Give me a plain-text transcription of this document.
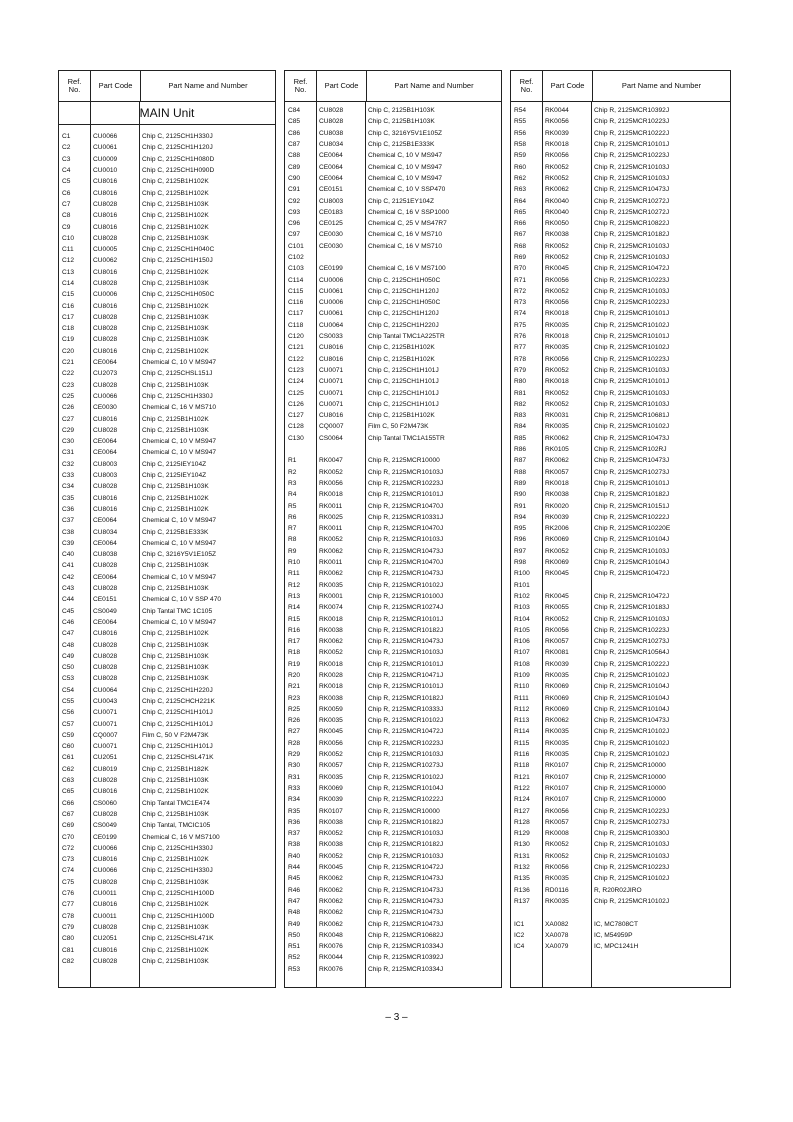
Ref.
No.	Part Code	Part Name and Number
MAIN Unit
C1	CU0066	Chip C, 2125CH1H330J
C2	CU0061	Chip C, 2125CH1H120J
C3	CU0009	Chip C, 2125CH1H080D
C4	CU0010	Chip C, 2125CH1H090D
C5	CU8016	Chip C, 2125B1H102K
C6	CU8016	Chip C, 2125B1H102K
C7	CU8028	Chip C, 2125B1H103K
C8	CU8016	Chip C, 2125B1H102K
C9	CU8016	Chip C, 2125B1H102K
C10	CU8028	Chip C, 2125B1H103K
C11	CU0005	Chip C, 2125CH1H040C
C12	CU0062	Chip C, 2125CH1H150J
C13	CU8016	Chip C, 2125B1H102K
C14	CU8028	Chip C, 2125B1H103K
C15	CU0006	Chip C, 2125CH1H050C
C16	CU8016	Chip C, 2125B1H102K
C17	CU8028	Chip C, 2125B1H103K
C18	CU8028	Chip C, 2125B1H103K
C19	CU8028	Chip C, 2125B1H103K
C20	CU8016	Chip C, 2125B1H102K
C21	CE0064	Chemical C, 10 V MS947
C22	CU2073	Chip C, 2125CHSL151J
C23	CU8028	Chip C, 2125B1H103K
C25	CU0066	Chip C, 2125CH1H330J
C26	CE0030	Chemical C, 16 V MS710
C27	CU8016	Chip C, 2125B1H102K
C29	CU8028	Chip C, 2125B1H103K
C30	CE0064	Chemical C, 10 V MS947
C31	CE0064	Chemical C, 10 V MS947
C32	CU8003	Chip C, 2125IEY104Z
C33	CU8003	Chip C, 2125IEY104Z
C34	CU8028	Chip C, 2125B1H103K
C35	CU8016	Chip C, 2125B1H102K
C36	CU8016	Chip C, 2125B1H102K
C37	CE0064	Chemical C, 10 V MS947
C38	CU8034	Chip C, 2125B1E333K
C39	CE0064	Chemical C, 10 V MS947
C40	CU8038	Chip C, 3216Y5V1E105Z
C41	CU8028	Chip C, 2125B1H103K
C42	CE0064	Chemical C, 10 V MS947
C43	CU8028	Chip C, 2125B1H103K
C44	CE0151	Chemical C, 10 V SSP 470
C45	CS0049	Chip Tantal TMC 1C105
C46	CE0064	Chemical C, 10 V MS947
C47	CU8016	Chip C, 2125B1H102K
C48	CU8028	Chip C, 2125B1H103K
C49	CU8028	Chip C, 2125B1H103K
C50	CU8028	Chip C, 2125B1H103K
C53	CU8028	Chip C, 2125B1H103K
C54	CU0064	Chip C, 2125CH1H220J
C55	CU0043	Chip C, 2125CHCH221K
C56	CU0071	Chip C, 2125CH1H101J
C57	CU0071	Chip C, 2125CH1H101J
C59	CQ0007	Film C, 50 V F2M473K
C60	CU0071	Chip C, 2125CH1H101J
C61	CU2051	Chip C, 2125CHSL471K
C62	CU8019	Chip C, 2125B1H182K
C63	CU8028	Chip C, 2125B1H103K
C65	CU8016	Chip C, 2125B1H102K
C66	CS0060	Chip Tantal TMC1E474
C67	CU8028	Chip C, 2125B1H103K
C69	CS0049	Chip Tantal, TMCIC105
C70	CE0199	Chemical C, 16 V MS7100
C72	CU0066	Chip C, 2125CH1H330J
C73	CU8016	Chip C, 2125B1H102K
C74	CU0066	Chip C, 2125CH1H330J
C75	CU8028	Chip C, 2125B1H103K
C76	CU0011	Chip C, 2125CH1H100D
C77	CU8016	Chip C, 2125B1H102K
C78	CU0011	Chip C, 2125CH1H100D
C79	CU8028	Chip C, 2125B1H103K
C80	CU2051	Chip C, 2125CHSL471K
C81	CU8016	Chip C, 2125B1H102K
C82	CU8028	Chip C, 2125B1H103K
Ref.
No.	Part Code	Part Name and Number
C84	CU8028	Chip C, 2125B1H103K
C85	CU8028	Chip C, 2125B1H103K
C86	CU8038	Chip C, 3216Y5V1E105Z
C87	CU8034	Chip C, 2125B1E333K
C88	CE0064	Chemical C, 10 V MS947
C89	CE0064	Chemical C, 10 V MS947
C90	CE0064	Chemical C, 10 V MS947
C91	CE0151	Chemical C, 10 V SSP470
C92	CU8003	Chip C, 21251EY104Z
C93	CE0183	Chemical C, 16 V SSP1000
C96	CE0125	Chemical C, 25 V MS47R7
C97	CE0030	Chemical C, 16 V MS710
C101	CE0030	Chemical C, 16 V MS710
C102
C103	CE0199	Chemical C, 16 V MS7100
C114	CU0006	Chip C, 2125CH1H050C
C115	CU0061	Chip C, 2125CH1H120J
C116	CU0006	Chip C, 2125CH1H050C
C117	CU0061	Chip C, 2125CH1H120J
C118	CU0064	Chip C, 2125CH1H220J
C120	CS0033	Chip Tantal TMC1A225TR
C121	CU8016	Chip C, 2125B1H102K
C122	CU8016	Chip C, 2125B1H102K
C123	CU0071	Chip C, 2125CH1H101J
C124	CU0071	Chip C, 2125CH1H101J
C125	CU0071	Chip C, 2125CH1H101J
C126	CU0071	Chip C, 2125CH1H101J
C127	CU8016	Chip C, 2125B1H102K
C128	CQ0007	Film C, 50 F2M473K
C130	CS0064	Chip Tantal TMC1A155TR
R1	RK0047	Chip R, 2125MCR10000
R2	RK0052	Chip R, 2125MCR10103J
R3	RK0056	Chip R, 2125MCR10223J
R4	RK0018	Chip R, 2125MCR10101J
R5	RK0011	Chip R, 2125MCR10470J
R6	RK0025	Chip R, 2125MCR10331J
R7	RK0011	Chip R, 2125MCR10470J
R8	RK0052	Chip R, 2125MCR10103J
R9	RK0062	Chip R, 2125MCR10473J
R10	RK0011	Chip R, 2125MCR10470J
R11	RK0062	Chip R, 2125MCR10473J
R12	RK0035	Chip R, 2125MCR10102J
R13	RK0001	Chip R, 2125MCR10100J
R14	RK0074	Chip R, 2125MCR10274J
R15	RK0018	Chip R, 2125MCR10101J
R16	RK0038	Chip R, 2125MCR10182J
R17	RK0062	Chip R, 2125MCR10473J
R18	RK0052	Chip R, 2125MCR10103J
R19	RK0018	Chip R, 2125MCR10101J
R20	RK0028	Chip R, 2125MCR10471J
R21	RK0018	Chip R, 2125MCR10101J
R23	RK0038	Chip R, 2125MCR10182J
R25	RK0059	Chip R, 2125MCR10333J
R26	RK0035	Chip R, 2125MCR10102J
R27	RK0045	Chip R, 2125MCR10472J
R28	RK0056	Chip R, 2125MCR10223J
R29	RK0052	Chip R, 2125MCR10103J
R30	RK0057	Chip R, 2125MCR10273J
R31	RK0035	Chip R, 2125MCR10102J
R33	RK0069	Chip R, 2125MCR10104J
R34	RK0039	Chip R, 2125MCR10222J
R35	RK0107	Chip R, 2125MCR10000
R36	RK0038	Chip R, 2125MCR10182J
R37	RK0052	Chip R, 2125MCR10103J
R38	RK0038	Chip R, 2125MCR10182J
R40	RK0052	Chip R, 2125MCR10103J
R44	RK0045	Chip R, 2125MCR10472J
R45	RK0062	Chip R, 2125MCR10473J
R46	RK0062	Chip R, 2125MCR10473J
R47	RK0062	Chip R, 2125MCR10473J
R48	RK0062	Chip R, 2125MCR10473J
R49	RK0062	Chip R, 2125MCR10473J
R50	RK0048	Chip R, 2125MCR10682J
R51	RK0076	Chip R, 2125MCR10334J
R52	RK0044	Chip R, 2125MCR10392J
R53	RK0076	Chip R, 2125MCR10334J
Ref.
No.	Part Code	Part Name and Number
R54	RK0044	Chip R, 2125MCR10392J
R55	RK0056	Chip R, 2125MCR10223J
R56	RK0039	Chip R, 2125MCR10222J
R58	RK0018	Chip R, 2125MCR10101J
R59	RK0056	Chip R, 2125MCR10223J
R60	RK0052	Chip R, 2125MCR10103J
R62	RK0052	Chip R, 2125MCR10103J
R63	RK0062	Chip R, 2125MCR10473J
R64	RK0040	Chip R, 2125MCR10272J
R65	RK0040	Chip R, 2125MCR10272J
R66	RK0050	Chip R, 2125MCR10822J
R67	RK0038	Chip R, 2125MCR10182J
R68	RK0052	Chip R, 2125MCR10103J
R69	RK0052	Chip R, 2125MCR10103J
R70	RK0045	Chip R, 2125MCR10472J
R71	RK0056	Chip R, 2125MCR10223J
R72	RK0052	Chip R, 2125MCR10103J
R73	RK0056	Chip R, 2125MCR10223J
R74	RK0018	Chip R, 2125MCR10101J
R75	RK0035	Chip R, 2125MCR10102J
R76	RK0018	Chip R, 2125MCR10101J
R77	RK0035	Chip R, 2125MCR10102J
R78	RK0056	Chip R, 2125MCR10223J
R79	RK0052	Chip R, 2125MCR10103J
R80	RK0018	Chip R, 2125MCR10101J
R81	RK0052	Chip R, 2125MCR10103J
R82	RK0052	Chip R, 2125MCR10103J
R83	RK0031	Chip R, 2125MCR10681J
R84	RK0035	Chip R, 2125MCR10102J
R85	RK0062	Chip R, 2125MCR10473J
R86	RK0105	Chip R, 2125MCR102RJ
R87	RK0062	Chip R, 2125MCR10473J
R88	RK0057	Chip R, 2125MCR10273J
R89	RK0018	Chip R, 2125MCR10101J
R90	RK0038	Chip R, 2125MCR10182J
R91	RK0020	Chip R, 2125MCR10151J
R94	RK0039	Chip R, 2125MCR10222J
R95	RK2006	Chip R, 2125MCR10220E
R96	RK0069	Chip R, 2125MCR10104J
R97	RK0052	Chip R, 2125MCR10103J
R98	RK0069	Chip R, 2125MCR10104J
R100	RK0045	Chip R, 2125MCR10472J
R101
R102	RK0045	Chip R, 2125MCR10472J
R103	RK0055	Chip R, 2125MCR10183J
R104	RK0052	Chip R, 2125MCR10103J
R105	RK0056	Chip R, 2125MCR10223J
R106	RK0057	Chip R, 2125MCR10273J
R107	RK0081	Chip R, 2125MCR10564J
R108	RK0039	Chip R, 2125MCR10222J
R109	RK0035	Chip R, 2125MCR10102J
R110	RK0069	Chip R, 2125MCR10104J
R111	RK0069	Chip R, 2125MCR10104J
R112	RK0069	Chip R, 2125MCR10104J
R113	RK0062	Chip R, 2125MCR10473J
R114	RK0035	Chip R, 2125MCR10102J
R115	RK0035	Chip R, 2125MCR10102J
R116	RK0035	Chip R, 2125MCR10102J
R118	RK0107	Chip R, 2125MCR10000
R121	RK0107	Chip R, 2125MCR10000
R122	RK0107	Chip R, 2125MCR10000
R124	RK0107	Chip R, 2125MCR10000
R127	RK0056	Chip R, 2125MCR10223J
R128	RK0057	Chip R, 2125MCR10273J
R129	RK0008	Chip R, 2125MCR10330J
R130	RK0052	Chip R, 2125MCR10103J
R131	RK0052	Chip R, 2125MCR10103J
R132	RK0056	Chip R, 2125MCR10223J
R135	RK0035	Chip R, 2125MCR10102J
R136	RD0116	R, R20R02JIRO
R137	RK0035	Chip R, 2125MCR10102J
IC1	XA0082	IC, MC7808CT
IC2	XA0078	IC, M54959P
IC4	XA0079	IC, MPC1241H
– 3 –
